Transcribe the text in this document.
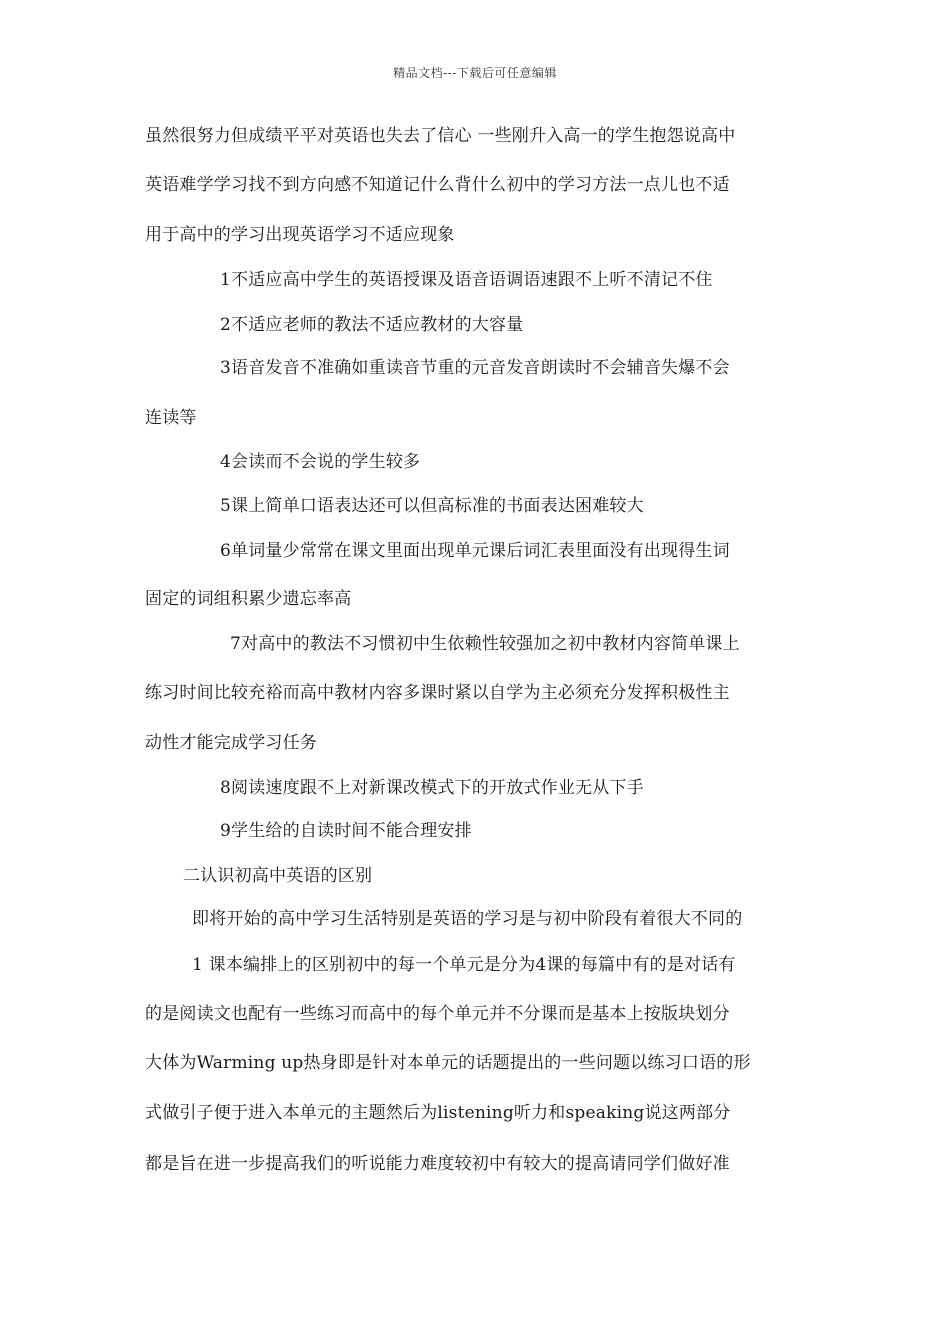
精品文档---下载后可任意编辑
虽然很努力但成绩平平对英语也失去了信心 一些刚升入高一的学生抱怨说高中
英语难学学习找不到方向感不知道记什么背什么初中的学习方法一点儿也不适
用于高中的学习出现英语学习不适应现象
1不适应高中学生的英语授课及语音语调语速跟不上听不清记不住
2不适应老师的教法不适应教材的大容量
3语音发音不准确如重读音节重的元音发音朗读时不会辅音失爆不会
连读等
4会读而不会说的学生较多
5课上简单口语表达还可以但高标准的书面表达困难较大
6单词量少常常在课文里面出现单元课后词汇表里面没有出现得生词
固定的词组积累少遗忘率高
7对高中的教法不习惯初中生依赖性较强加之初中教材内容简单课上
练习时间比较充裕而高中教材内容多课时紧以自学为主必须充分发挥积极性主
动性才能完成学习任务
8阅读速度跟不上对新课改模式下的开放式作业无从下手
9学生给的自读时间不能合理安排
二认识初高中英语的区别
即将开始的高中学习生活特别是英语的学习是与初中阶段有着很大不同的
1 课本编排上的区别初中的每一个单元是分为4课的每篇中有的是对话有
的是阅读文也配有一些练习而高中的每个单元并不分课而是基本上按版块划分
大体为Warming up热身即是针对本单元的话题提出的一些问题以练习口语的形
式做引子便于进入本单元的主题然后为listening听力和speaking说这两部分
都是旨在进一步提高我们的听说能力难度较初中有较大的提高请同学们做好准
